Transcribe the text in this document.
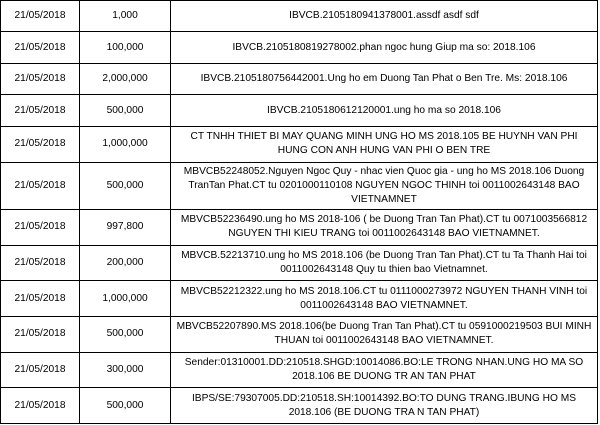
21/05/2018	1,000	IBVCB.2105180941378001.assdf asdf sdf
21/05/2018	100,000	IBVCB.2105180819278002.phan ngoc hung Giup ma so: 2018.106
21/05/2018	2,000,000	IBVCB.2105180756442001.Ung ho em Duong Tan Phat o Ben Tre. Ms: 2018.106
21/05/2018	500,000	IBVCB.2105180612120001.ung ho ma so 2018.106
21/05/2018	1,000,000	CT TNHH THIET BI MAY QUANG MINH UNG HO MS 2018.105 BE HUYNH VAN PHI HUNG CON ANH HUNG VAN PHI O BEN TRE
21/05/2018	500,000	MBVCB52248052.Nguyen Ngoc Quy - nhac vien Quoc gia - ung ho MS 2018.106 Duong TranTan Phat.CT tu 0201000110108 NGUYEN NGOC THINH toi 0011002643148 BAO VIETNAMNET
21/05/2018	997,800	MBVCB52236490.ung ho MS 2018-106 ( be Duong Tran Tan Phat).CT tu 0071003566812 NGUYEN THI KIEU TRANG toi 0011002643148 BAO VIETNAMNET.
21/05/2018	200,000	MBVCB.52213710.ung ho MS 2018.106 (be Duong Tran Tan Phat).CT tu Ta Thanh Hai toi 0011002643148 Quy tu thien bao Vietnamnet.
21/05/2018	1,000,000	MBVCB52212322.ung ho MS 2018.106.CT tu 0111000273972 NGUYEN THANH VINH toi 0011002643148 BAO VIETNAMNET.
21/05/2018	500,000	MBVCB52207890.MS 2018.106(be Duong Tran Tan Phat).CT tu 0591000219503 BUI MINH THUAN toi 0011002643148 BAO VIETNAMNET.
21/05/2018	300,000	Sender:01310001.DD:210518.SHGD:10014086.BO:LE TRONG NHAN.UNG HO MA SO 2018.106 BE DUONG TR AN TAN PHAT
21/05/2018	500,000	IBPS/SE:79307005.DD:210518.SH:10014392.BO:TO DUNG TRANG.IBUNG HO MS 2018.106 (BE DUONG TRA N TAN PHAT)
